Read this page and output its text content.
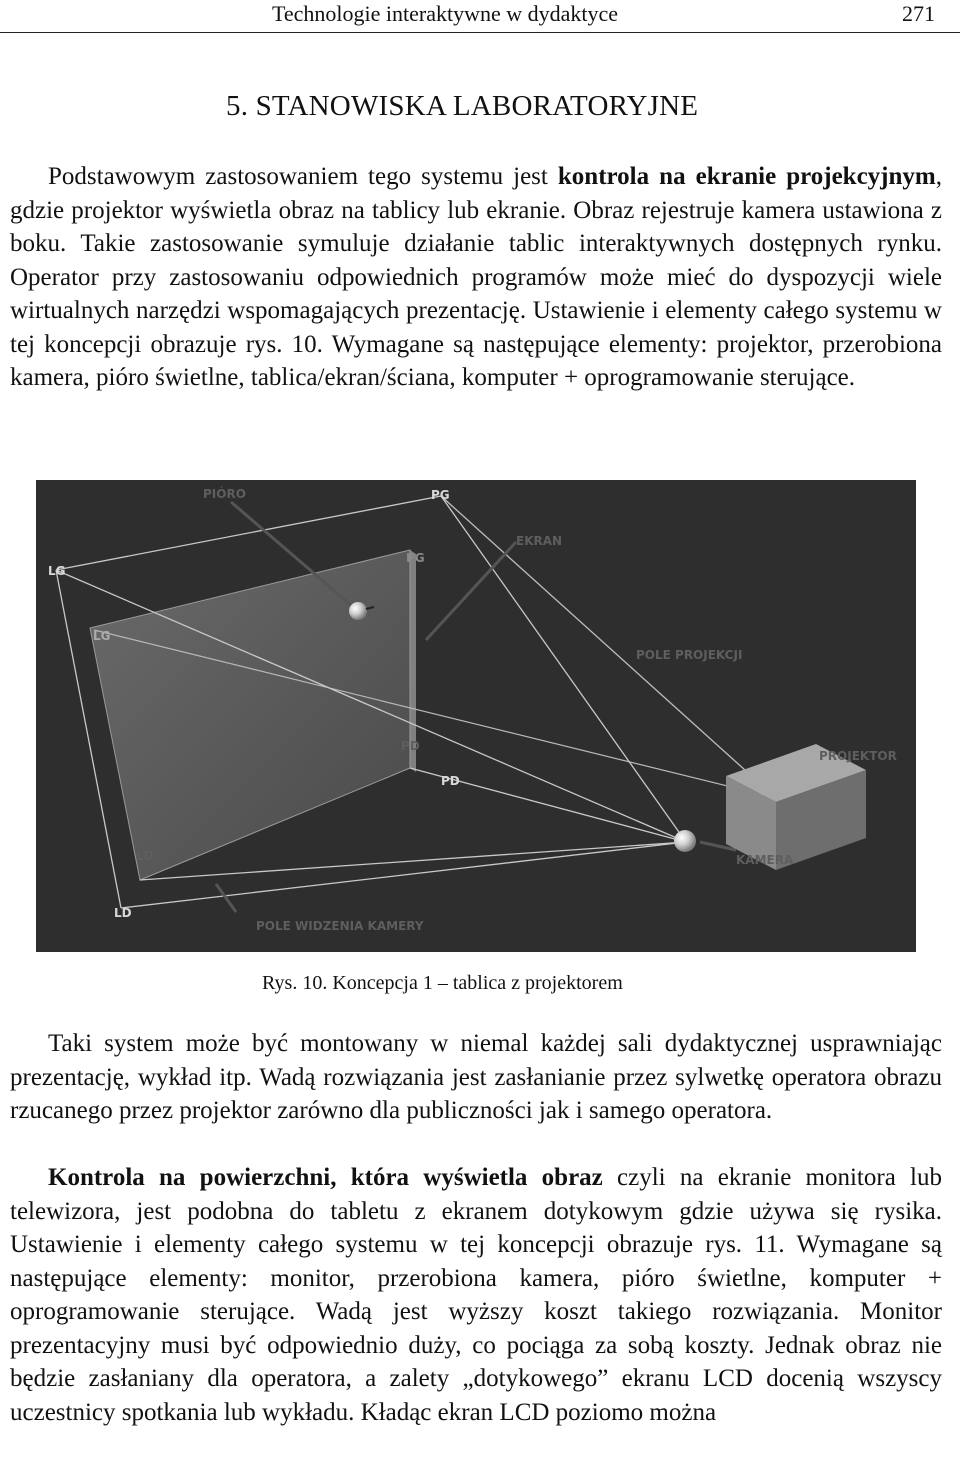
Technologie interaktywne w dydaktyce	271
5. STANOWISKA LABORATORYJNE

Podstawowym zastosowaniem tego systemu jest kontrola na ekranie projekcyjnym, gdzie projektor wyświetla obraz na tablicy lub ekranie. Obraz rejestruje kamera ustawiona z boku. Takie zastosowanie symuluje działanie tablic interaktywnych dostępnych rynku. Operator przy zastosowaniu odpowiednich programów może mieć do dyspozycji wiele wirtualnych narzędzi wspomagających prezentację. Ustawienie i elementy całego systemu w tej koncepcji obrazuje rys. 10. Wymagane są następujące elementy: projektor, przerobiona kamera, pióro świetlne, tablica/ekran/ściana, komputer + oprogramowanie sterujące.

PIÓRO	PG
EKRAN
LG
PG
LG
POLE PROJEKCJI
PD
PROJEKTOR
PD
LD	KAMERA
LD
POLE WIDZENIA KAMERY
Rys. 10. Koncepcja 1 – tablica z projektorem

Taki system może być montowany w niemal każdej sali dydaktycznej usprawniając prezentację, wykład itp. Wadą rozwiązania jest zasłanianie przez sylwetkę operatora obrazu rzucanego przez projektor zarówno dla publiczności jak i samego operatora.

Kontrola na powierzchni, która wyświetla obraz czyli na ekranie monitora lub telewizora, jest podobna do tabletu z ekranem dotykowym gdzie używa się rysika. Ustawienie i elementy całego systemu w tej koncepcji obrazuje rys. 11. Wymagane są następujące elementy: monitor, przerobiona kamera, pióro świetlne, komputer + oprogramowanie sterujące. Wadą jest wyższy koszt takiego rozwiązania. Monitor prezentacyjny musi być odpowiednio duży, co pociąga za sobą koszty. Jednak obraz nie będzie zasłaniany dla operatora, a zalety „dotykowego” ekranu LCD docenią wszyscy uczestnicy spotkania lub wykładu. Kładąc ekran LCD poziomo można
